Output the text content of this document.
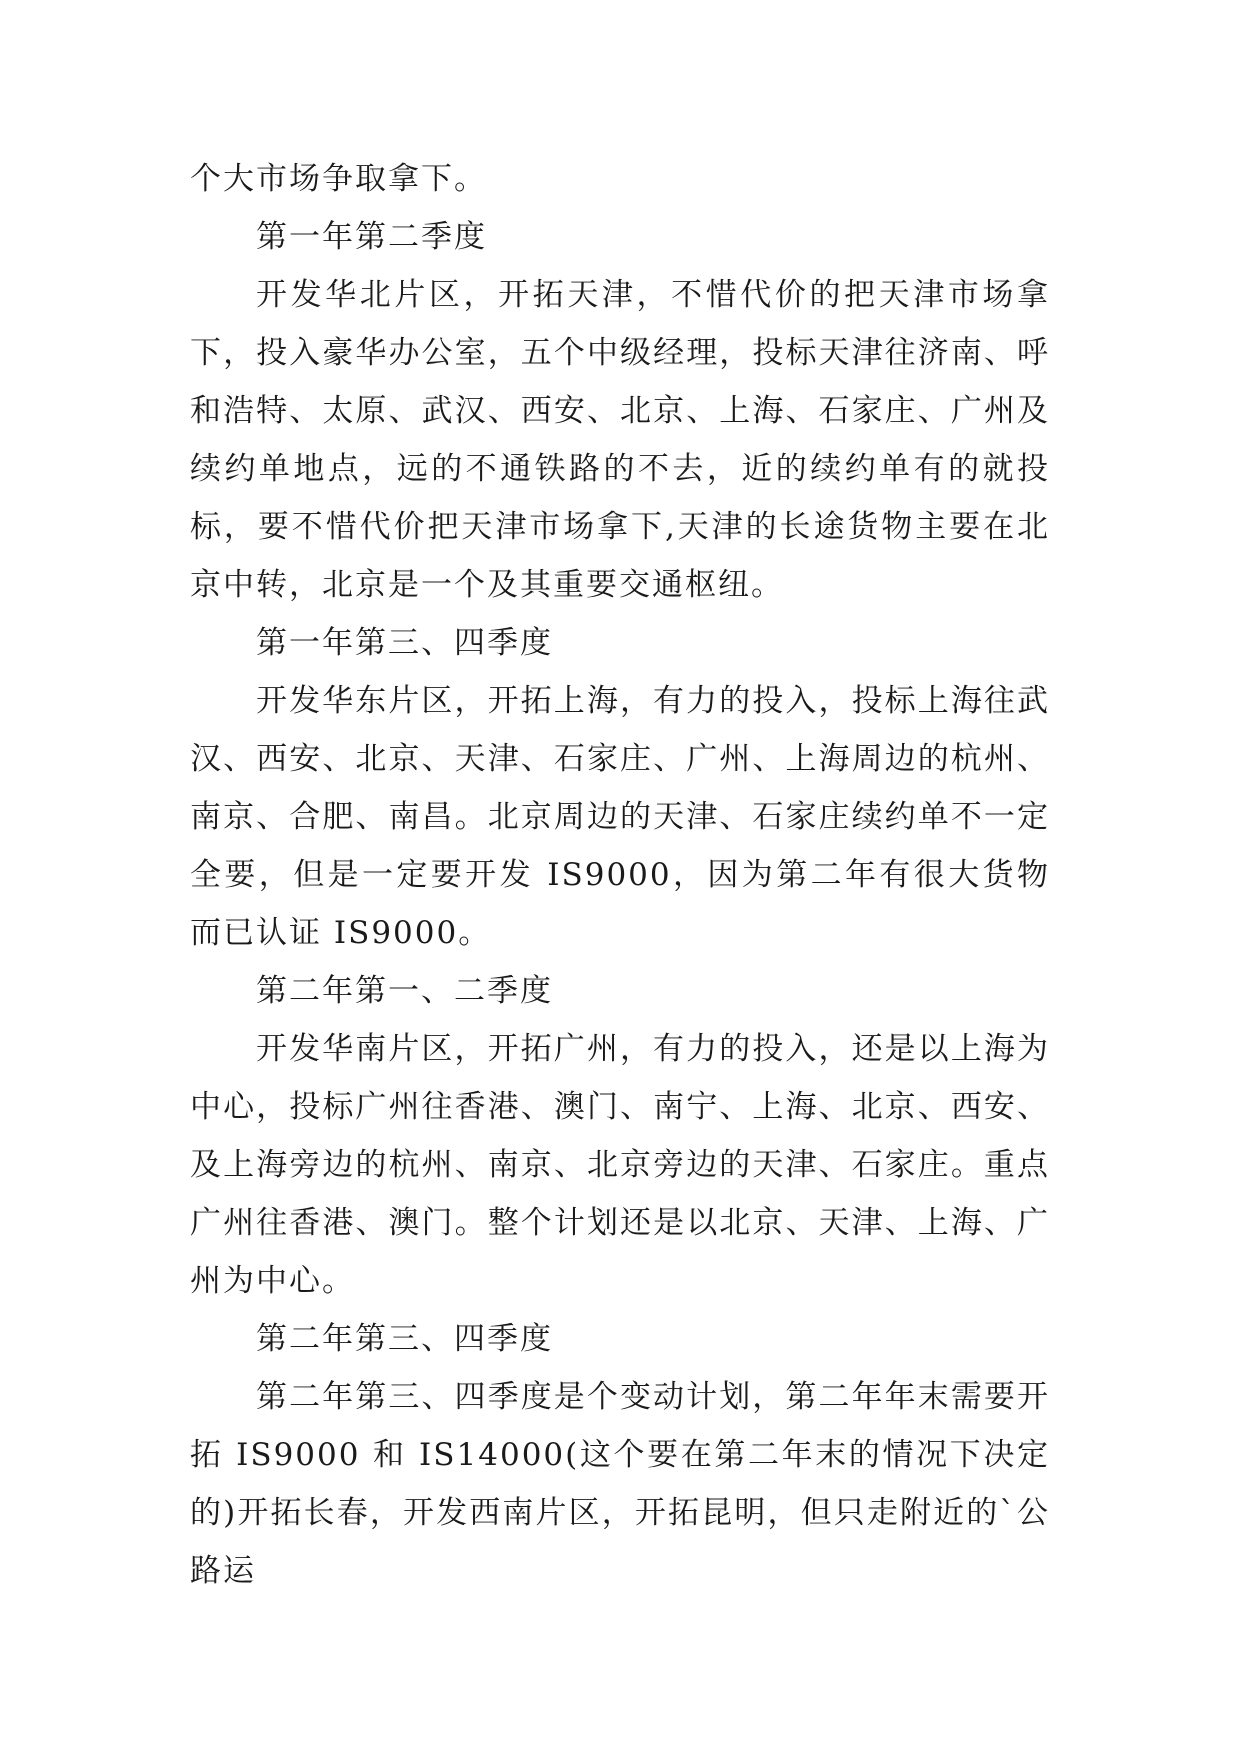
个大市场争取拿下。

第一年第二季度

开发华北片区，开拓天津，不惜代价的把天津市场拿下，投入豪华办公室，五个中级经理，投标天津往济南、呼和浩特、太原、武汉、西安、北京、上海、石家庄、广州及续约单地点，远的不通铁路的不去，近的续约单有的就投标，要不惜代价把天津市场拿下,天津的长途货物主要在北京中转，北京是一个及其重要交通枢纽。

第一年第三、四季度

开发华东片区，开拓上海，有力的投入，投标上海往武汉、西安、北京、天津、石家庄、广州、上海周边的杭州、南京、合肥、南昌。北京周边的天津、石家庄续约单不一定全要，但是一定要开发 IS9000，因为第二年有很大货物而已认证 IS9000。

第二年第一、二季度

开发华南片区，开拓广州，有力的投入，还是以上海为中心，投标广州往香港、澳门、南宁、上海、北京、西安、及上海旁边的杭州、南京、北京旁边的天津、石家庄。重点广州往香港、澳门。整个计划还是以北京、天津、上海、广州为中心。

第二年第三、四季度

第二年第三、四季度是个变动计划，第二年年末需要开拓 IS9000 和 IS14000(这个要在第二年末的情况下决定的)开拓长春，开发西南片区，开拓昆明，但只走附近的`公路运
